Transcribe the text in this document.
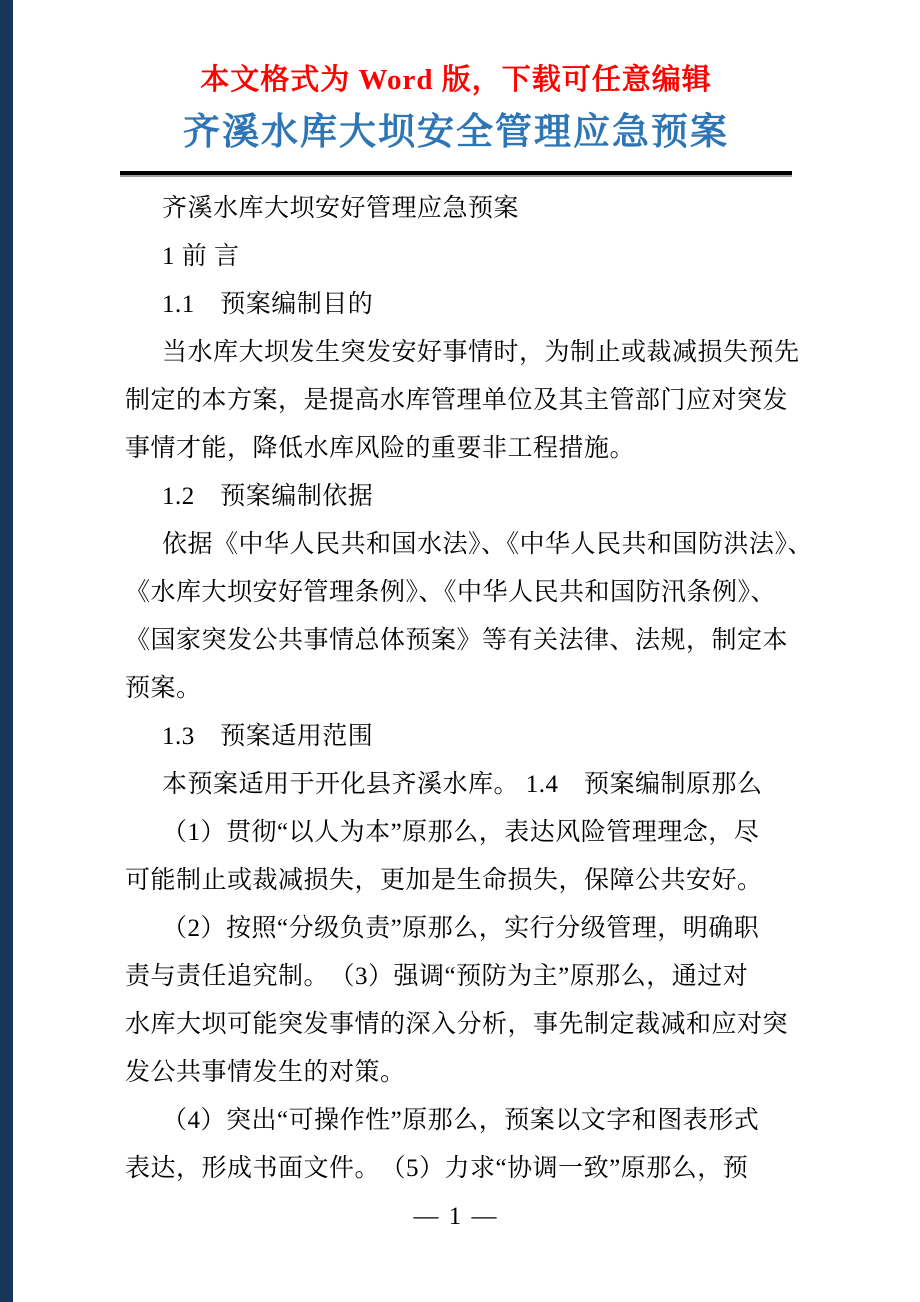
本文格式为 Word 版，下载可任意编辑
齐溪水库大坝安全管理应急预案
齐溪水库大坝安好管理应急预案
1 前 言
1.1　预案编制目的
当水库大坝发生突发安好事情时，为制止或裁减损失预先
制定的本方案，是提高水库管理单位及其主管部门应对突发
事情才能，降低水库风险的重要非工程措施。
1.2　预案编制依据
依据《中华人民共和国水法》、《中华人民共和国防洪法》、
《水库大坝安好管理条例》、《中华人民共和国防汛条例》、
《国家突发公共事情总体预案》等有关法律、法规，制定本
预案。
1.3　预案适用范围
本预案适用于开化县齐溪水库。 1.4　预案编制原那么
（1）贯彻“以人为本”原那么，表达风险管理理念，尽
可能制止或裁减损失，更加是生命损失，保障公共安好。
（2）按照“分级负责”原那么，实行分级管理，明确职
责与责任追究制。　（3）强调“预防为主”原那么，通过对
水库大坝可能突发事情的深入分析，事先制定裁减和应对突
发公共事情发生的对策。
（4）突出“可操作性”原那么，预案以文字和图表形式
表达，形成书面文件。　（5）力求“协调一致”原那么，预
— 1 —
